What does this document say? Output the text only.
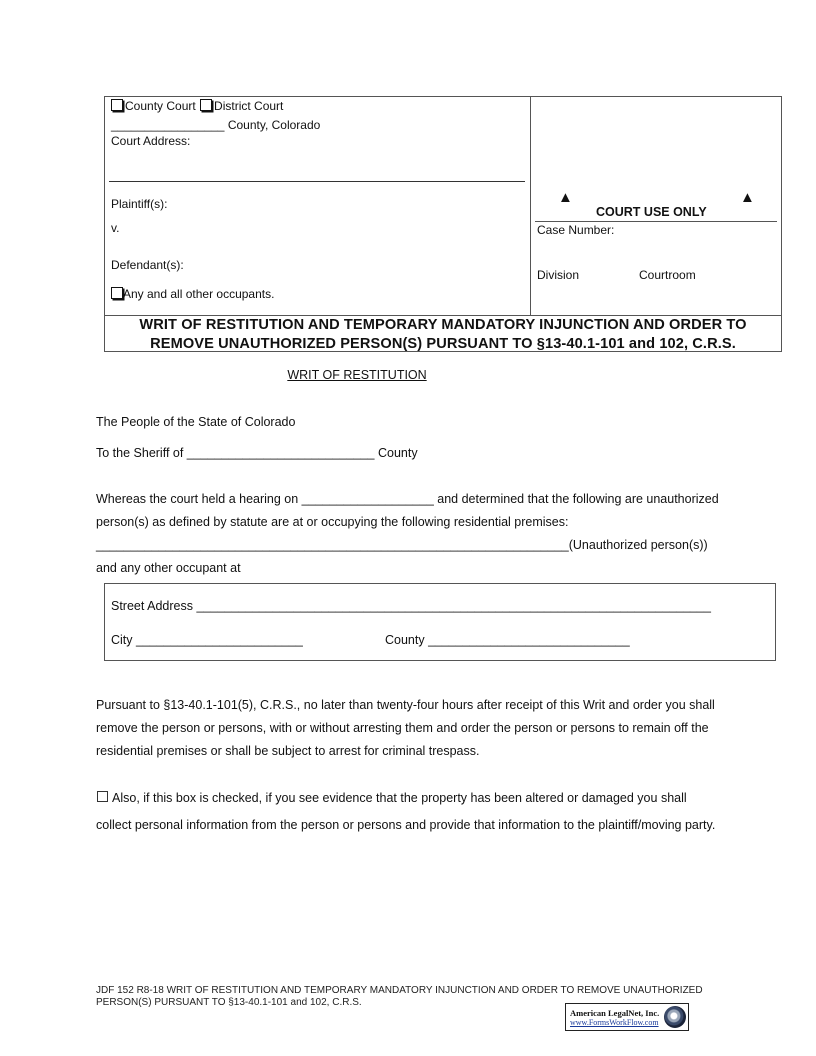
County Court District Court
_________________ County, Colorado
Court Address:
Plaintiff(s):
v.
Defendant(s):
Any and all other occupants.
▲	▲
COURT USE ONLY
Case Number:
Division	Courtroom
WRIT OF RESTITUTION AND TEMPORARY MANDATORY INJUNCTION AND ORDER TO
REMOVE UNAUTHORIZED PERSON(S) PURSUANT TO §13-40.1-101 and 102, C.R.S.
WRIT OF RESTITUTION
The People of the State of Colorado
To the Sheriff of ___________________________ County
Whereas the court held a hearing on ___________________ and determined that the following are unauthorized
person(s) as defined by statute are at or occupying the following residential premises:
____________________________________________________________________(Unauthorized person(s))
and any other occupant at
Street Address __________________________________________________________________________
City ________________________	County _____________________________
Pursuant to §13-40.1-101(5), C.R.S., no later than twenty-four hours after receipt of this Writ and order you shall
remove the person or persons, with or without arresting them and order the person or persons to remain off the
residential premises or shall be subject to arrest for criminal trespass.
Also, if this box is checked, if you see evidence that the property has been altered or damaged you shall
collect personal information from the person or persons and provide that information to the plaintiff/moving party.
JDF 152 R8-18 WRIT OF RESTITUTION AND TEMPORARY MANDATORY INJUNCTION AND ORDER TO REMOVE UNAUTHORIZED
PERSON(S) PURSUANT TO §13-40.1-101 and 102, C.R.S.
American LegalNet, Inc.
www.FormsWorkFlow.com
